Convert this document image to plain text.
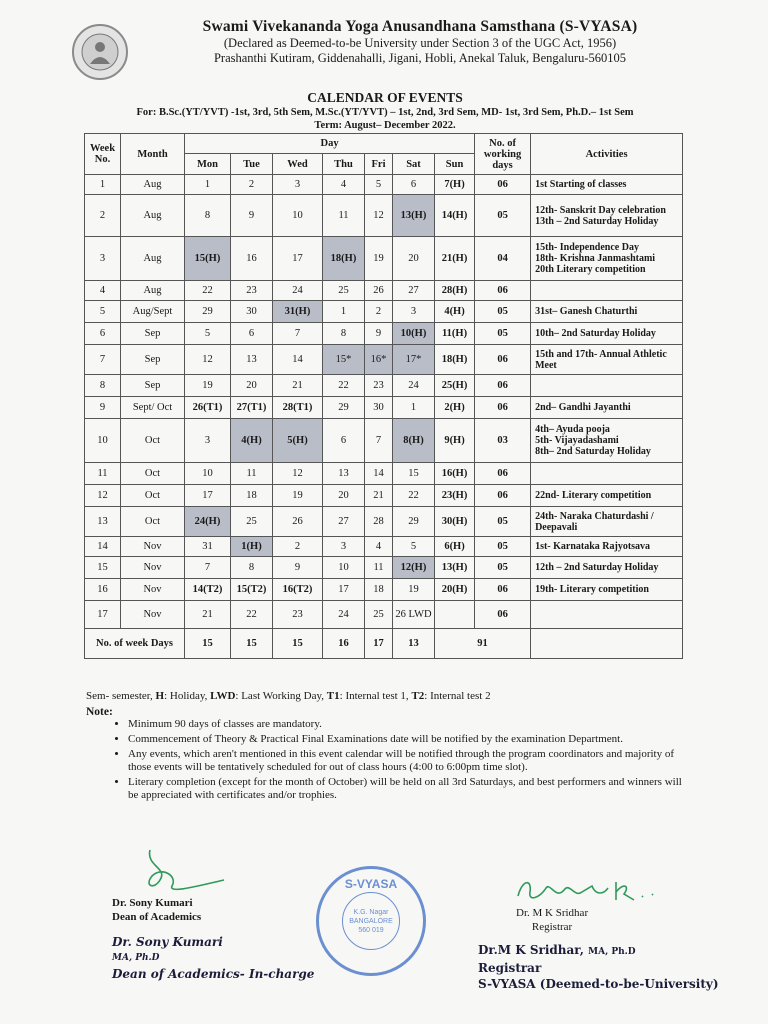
Swami Vivekananda Yoga Anusandhana Samsthana (S-VYASA)
(Declared as Deemed-to-be University under Section 3 of the UGC Act, 1956)
Prashanthi Kutiram, Giddenahalli, Jigani, Hobli, Anekal Taluk, Bengaluru-560105
CALENDAR OF EVENTS
For: B.Sc.(YT/YVT) -1st, 3rd, 5th Sem, M.Sc.(YT/YVT) – 1st, 2nd, 3rd Sem, MD- 1st, 3rd Sem, Ph.D.– 1st Sem
Term: August– December 2022.
Week No.	Month	Day							No. of working days	Activities
		Mon	Tue	Wed	Thu	Fri	Sat	Sun		
1	Aug	1	2	3	4	5	6	7(H)	06	1st Starting of classes

2	Aug	8	9	10	11	12	13(H)	14(H)	05	12th- Sanskrit Day celebration
13th – 2nd Saturday Holiday

3	Aug	15(H)	16	17	18(H)	19	20	21(H)	04	15th- Independence Day
18th- Krishna Janmashtami
20th Literary competition

4	Aug	22	23	24	25	26	27	28(H)	06	
5	Aug/Sept	29	30	31(H)	1	2	3	4(H)	05	31st– Ganesh Chaturthi

6	Sep	5	6	7	8	9	10(H)	11(H)	05	10th– 2nd Saturday Holiday

7	Sep	12	13	14	15*	16*	17*	18(H)	06	15th and 17th- Annual Athletic Meet

8	Sep	19	20	21	22	23	24	25(H)	06	
9	Sept/ Oct	26(T1)	27(T1)	28(T1)	29	30	1	2(H)	06	2nd– Gandhi Jayanthi

10	Oct	3	4(H)	5(H)	6	7	8(H)	9(H)	03	4th– Ayuda pooja
5th- Vijayadashami
8th– 2nd Saturday Holiday

11	Oct	10	11	12	13	14	15	16(H)	06	
12	Oct	17	18	19	20	21	22	23(H)	06	22nd- Literary competition

13	Oct	24(H)	25	26	27	28	29	30(H)	05	24th- Naraka Chaturdashi / Deepavali

14	Nov	31	1(H)	2	3	4	5	6(H)	05	1st- Karnataka Rajyotsava

15	Nov	7	8	9	10	11	12(H)	13(H)	05	12th – 2nd Saturday Holiday

16	Nov	14(T2)	15(T2)	16(T2)	17	18	19	20(H)	06	19th- Literary competition

17	Nov	21	22	23	24	25	26 LWD		06	
No. of week Days		15	15	15	16	17	13	91		
Sem- semester, H: Holiday, LWD: Last Working Day, T1: Internal test 1, T2: Internal test 2
Note:
• Minimum 90 days of classes are mandatory.
• Commencement of Theory & Practical Final Examinations date will be notified by the examination Department.
• Any events, which aren't mentioned in this event calendar will be notified through the program coordinators and majority of those events will be tentatively scheduled for out of class hours (4:00 to 6:00pm time slot).
• Literary completion (except for the month of October) will be held on all 3rd Saturdays, and best performers and winners will be appreciated with certificates and/or trophies.
Dr. Sony Kumari
Dean of Academics
Dr. Sony Kumari
MA, Ph.D
Dean of Academics- In-charge
S-VYASA
K.G. Nagar
BANGALORE
560 019
Dr. M K Sridhar
Registrar
Dr.M K Sridhar, MA, Ph.D
Registrar
S-VYASA (Deemed-to-be-University)
